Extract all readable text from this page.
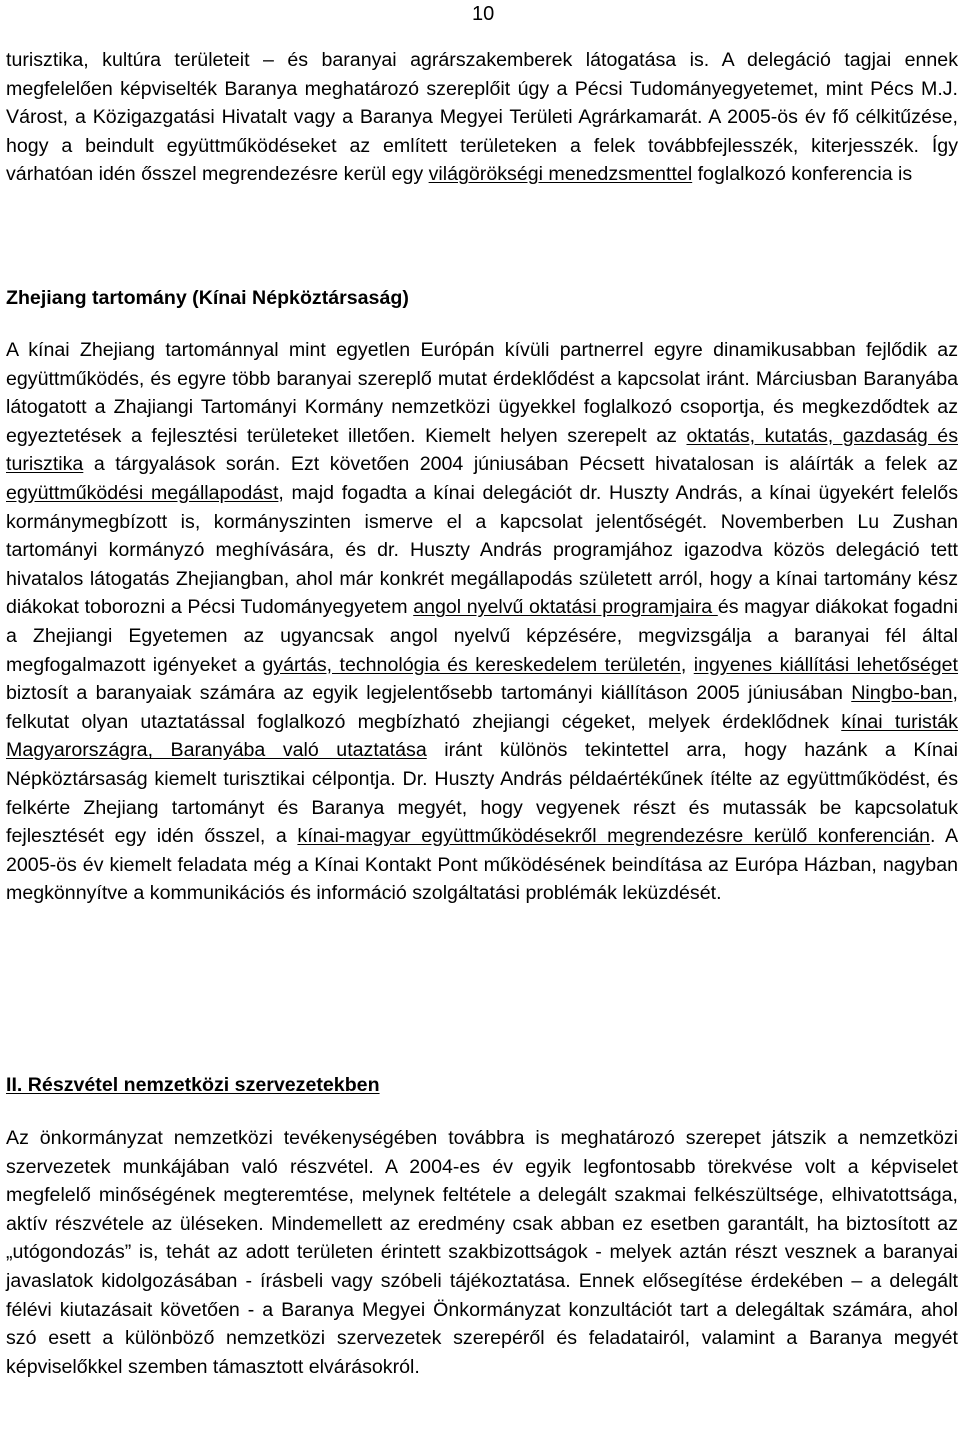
10

turisztika, kultúra területeit – és baranyai agrárszakemberek látogatása is. A delegáció tagjai ennek megfelelően képviselték Baranya meghatározó szereplőit úgy a Pécsi Tudományegyetemet, mint Pécs M.J. Várost, a Közigazgatási Hivatalt vagy a Baranya Megyei Területi Agrárkamarát. A 2005-ös év fő célkitűzése, hogy a beindult együttműködéseket az említett területeken a felek továbbfejlesszék, kiterjesszék. Így várhatóan idén ősszel megrendezésre kerül egy világörökségi menedzsmenttel foglalkozó konferencia is

Zhejiang tartomány (Kínai Népköztársaság)

A kínai Zhejiang tartománnyal mint egyetlen Európán kívüli partnerrel egyre dinamikusabban fejlődik az együttműködés, és egyre több baranyai szereplő mutat érdeklődést a kapcsolat iránt. Márciusban Baranyába látogatott a Zhajiangi Tartományi Kormány nemzetközi ügyekkel foglalkozó csoportja, és megkezdődtek az egyeztetések a fejlesztési területeket illetően. Kiemelt helyen szerepelt az oktatás, kutatás, gazdaság és turisztika a tárgyalások során. Ezt követően 2004 júniusában Pécsett hivatalosan is aláírták a felek az együttműködési megállapodást, majd fogadta a kínai delegációt dr. Huszty András, a kínai ügyekért felelős kormánymegbízott is, kormányszinten ismerve el a kapcsolat jelentőségét. Novemberben Lu Zushan tartományi kormányzó meghívására, és dr. Huszty András programjához igazodva közös delegáció tett hivatalos látogatás Zhejiangban, ahol már konkrét megállapodás született arról, hogy a kínai tartomány kész diákokat toborozni a Pécsi Tudományegyetem angol nyelvű oktatási programjaira és magyar diákokat fogadni a Zhejiangi Egyetemen az ugyancsak angol nyelvű képzésére, megvizsgálja a baranyai fél által megfogalmazott igényeket a gyártás, technológia és kereskedelem területén, ingyenes kiállítási lehetőséget biztosít a baranyaiak számára az egyik legjelentősebb tartományi kiállításon 2005 júniusában Ningbo-ban, felkutat olyan utaztatással foglalkozó megbízható zhejiangi cégeket, melyek érdeklődnek kínai turisták Magyarországra, Baranyába való utaztatása iránt különös tekintettel arra, hogy hazánk a Kínai Népköztársaság kiemelt turisztikai célpontja. Dr. Huszty András példaértékűnek ítélte az együttműködést, és felkérte Zhejiang tartományt és Baranya megyét, hogy vegyenek részt és mutassák be kapcsolatuk fejlesztését egy idén ősszel, a kínai-magyar együttműködésekről megrendezésre kerülő konferencián. A 2005-ös év kiemelt feladata még a Kínai Kontakt Pont működésének beindítása az Európa Házban, nagyban megkönnyítve a kommunikációs és információ szolgáltatási problémák leküzdését.

II. Részvétel nemzetközi szervezetekben

Az önkormányzat nemzetközi tevékenységében továbbra is meghatározó szerepet játszik a nemzetközi szervezetek munkájában való részvétel. A 2004-es év egyik legfontosabb törekvése volt a képviselet megfelelő minőségének megteremtése, melynek feltétele a delegált szakmai felkészültsége, elhivatottsága, aktív részvétele az üléseken. Mindemellett az eredmény csak abban ez esetben garantált, ha biztosított az „utógondozás” is, tehát az adott területen érintett szakbizottságok - melyek aztán részt vesznek a baranyai javaslatok kidolgozásában - írásbeli vagy szóbeli tájékoztatása. Ennek elősegítése érdekében – a delegált félévi kiutazásait követően - a Baranya Megyei Önkormányzat konzultációt tart a delegáltak számára, ahol szó esett a különböző nemzetközi szervezetek szerepéről és feladatairól, valamint a Baranya megyét képviselőkkel szemben támasztott elvárásokról.
